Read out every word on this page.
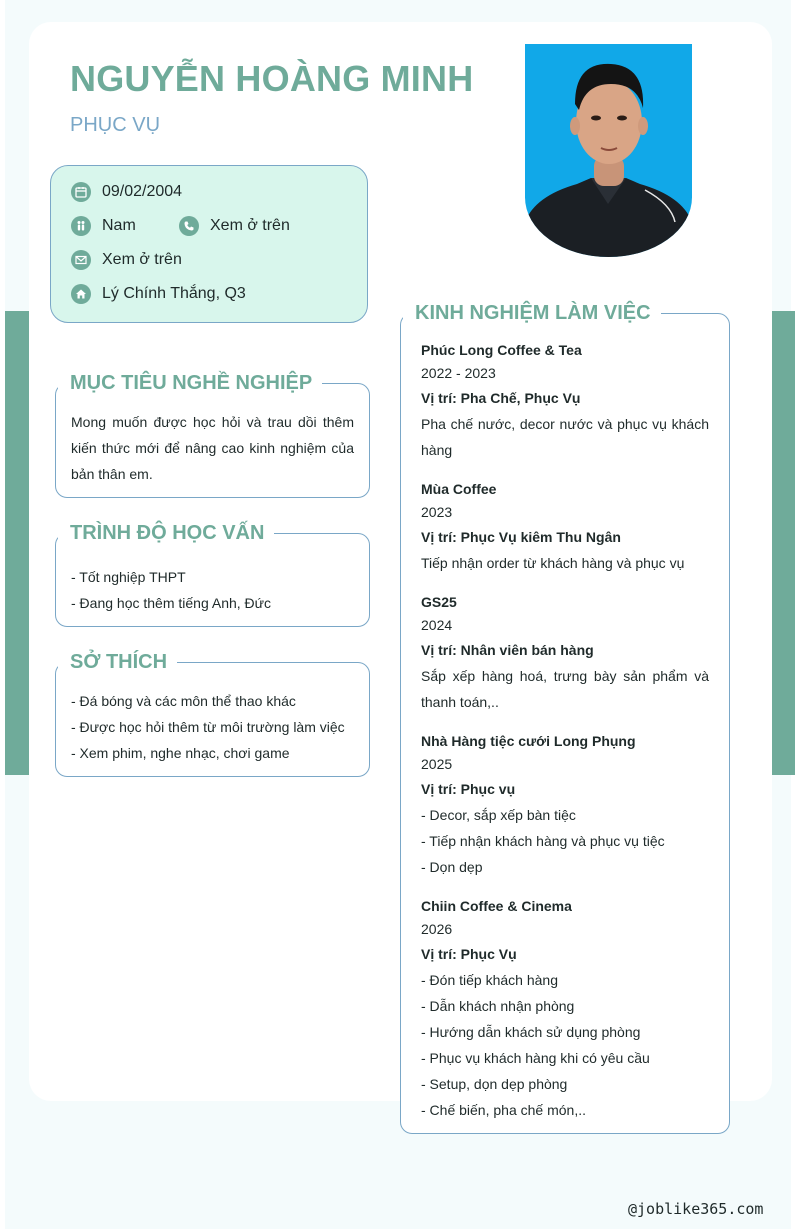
NGUYỄN HOÀNG MINH
PHỤC VỤ
09/02/2004
Nam	Xem ở trên
Xem ở trên
Lý Chính Thắng, Q3
MỤC TIÊU NGHỀ NGHIỆP
Mong muốn được học hỏi và trau dồi thêm kiến thức mới để nâng cao kinh nghiệm của bản thân em.
TRÌNH ĐỘ HỌC VẤN
- Tốt nghiệp THPT
- Đang học thêm tiếng Anh, Đức
SỞ THÍCH
- Đá bóng và các môn thể thao khác
- Được học hỏi thêm từ môi trường làm việc
- Xem phim, nghe nhạc, chơi game
KINH NGHIỆM LÀM VIỆC
Phúc Long Coffee & Tea
2022 - 2023
Vị trí: Pha Chế, Phục Vụ
Pha chế nước, decor nước và phục vụ khách hàng
Mùa Coffee
2023
Vị trí: Phục Vụ kiêm Thu Ngân
Tiếp nhận order từ khách hàng và phục vụ
GS25
2024
Vị trí: Nhân viên bán hàng
Sắp xếp hàng hoá, trưng bày sản phẩm và thanh toán,..
Nhà Hàng tiệc cưới Long Phụng
2025
Vị trí: Phục vụ
- Decor, sắp xếp bàn tiệc
- Tiếp nhận khách hàng và phục vụ tiệc
- Dọn dẹp
Chiin Coffee & Cinema
2026
Vị trí: Phục Vụ
- Đón tiếp khách hàng
- Dẫn khách nhận phòng
- Hướng dẫn khách sử dụng phòng
- Phục vụ khách hàng khi có yêu cầu
- Setup, dọn dẹp phòng
- Chế biến, pha chế món,..
@joblike365.com
